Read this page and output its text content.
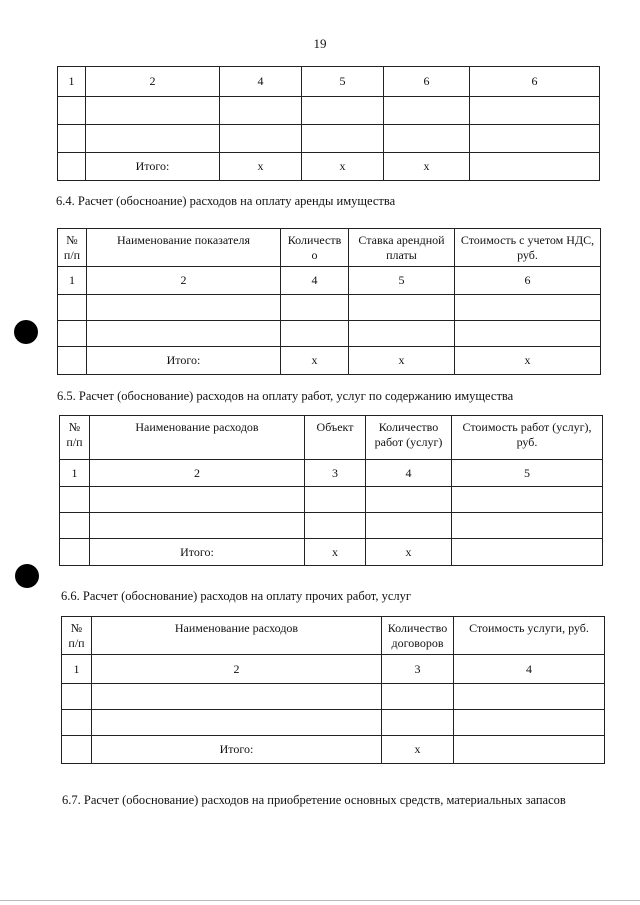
19
1	2	4	5	6	6

	Итого:	x	x	x	
6.4. Расчет (обосноание) расходов на оплату аренды имущества
№ п/п	Наименование показателя	Количеств о	Ставка арендной платы	Стоимость с учетом НДС, руб.
1	2	4	5	6

	Итого:	x	x	x
6.5. Расчет (обоснование) расходов на оплату работ, услуг по содержанию имущества
№ п/п	Наименование расходов	Объект	Количество работ (услуг)	Стоимость работ (услуг), руб.
1	2	3	4	5

	Итого:	x	x	
6.6. Расчет (обоснование) расходов на оплату прочих работ, услуг
№ п/п	Наименование расходов	Количество договоров	Стоимость услуги, руб.
1	2	3	4

	Итого:	x	
6.7. Расчет (обоснование) расходов на приобретение основных средств, материальных запасов
